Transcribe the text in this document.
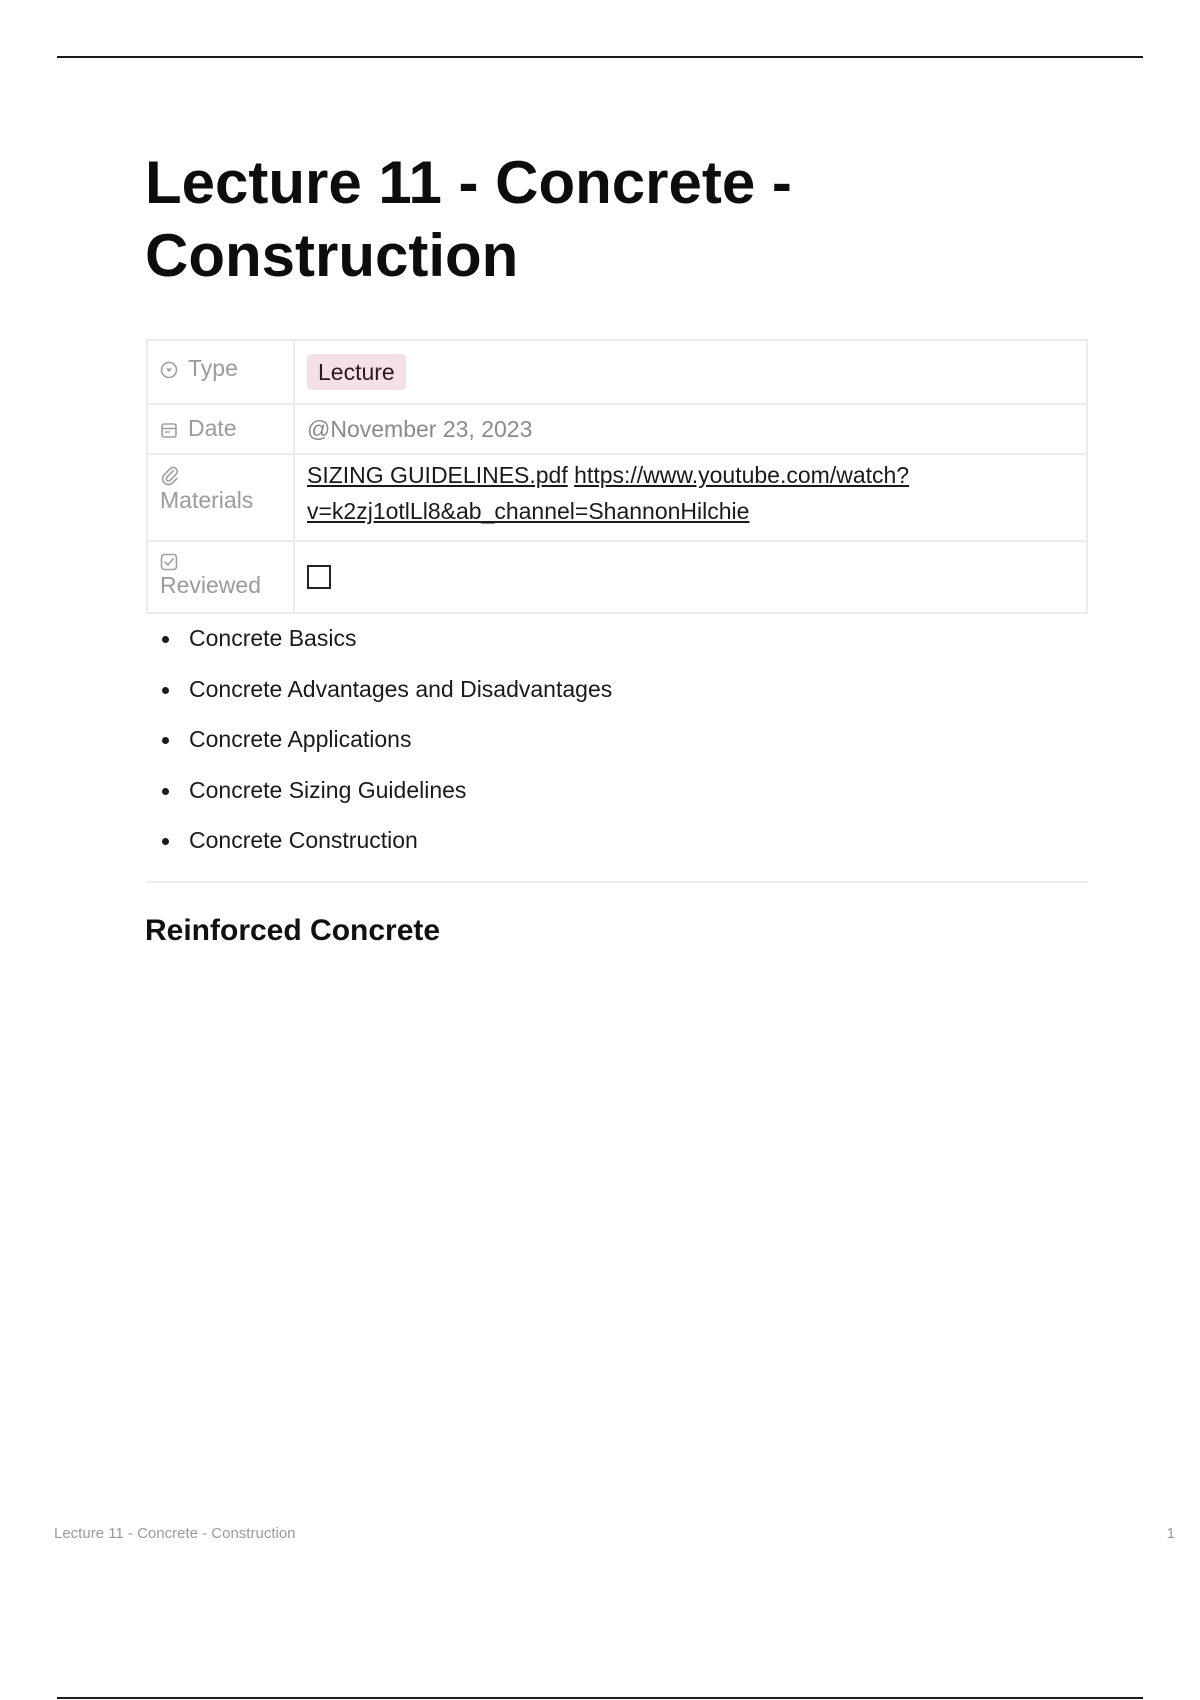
Lecture 11 - Concrete - Construction
Type	Lecture

Date	@November 23, 2023

Materials	SIZING GUIDELINES.pdf https://www.youtube.com/watch?
v=k2zj1otlLl8&ab_channel=ShannonHilchie

Reviewed	

Concrete Basics
Concrete Advantages and Disadvantages
Concrete Applications
Concrete Sizing Guidelines
Concrete Construction
Reinforced Concrete
Lecture 11 - Concrete - Construction	1
